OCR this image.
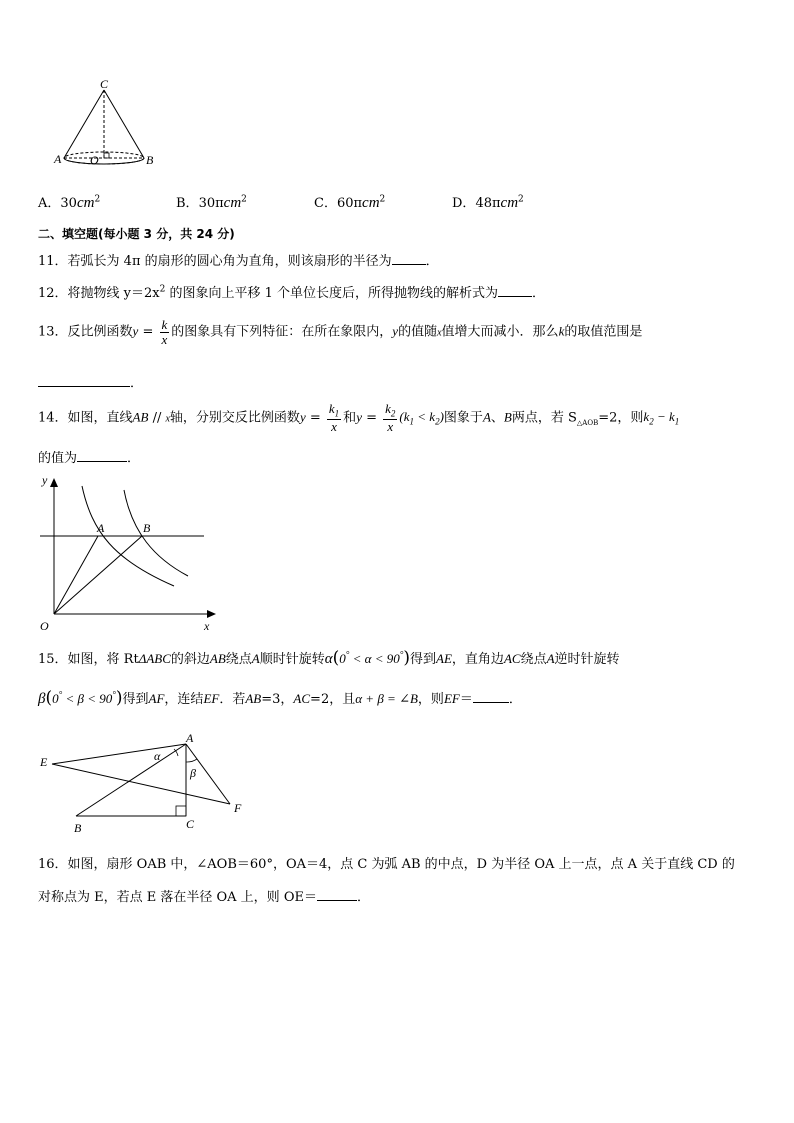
C
A O	B
A．$30cm^2$	B．30πcm$^2$	C．60πcm$^2$	D．48πcm$^2$
二、填空题(每小题 3 分，共 24 分)
11．若弧长为 4π 的扇形的圆心角为直角，则该扇形的半径为	．
12．将抛物线 $y=2x^2$ 的图象向上平移 1 个单位长度后，所得抛物线的解析式为	．
13．反比例函数$y = \frac{k}{x}$ 的图象具有下列特征：在所在象限内，y的值随x值增大而减小．那么k的取值范围是
．
14．如图，直线AB // x轴，分别交反比例函数$y = \frac{k_1}{x}$ 和$y = \frac{k_2}{x} (k_1 < k_2)$图象于A、B两点，若 $S_{\triangle AOB}=2$，则$k_2 - k_1$
的值为	．
y
x
O
A	B
15．如图，将 RtΔABC的斜边AB绕点A顺时针旋转α(0° < α < 90°)得到AE，直角边AC绕点A逆时针旋转
β(0° < β < 90°)得到AF，连结EF．若AB=3，AC=2，且α + β = ∠B，则EF＝	．
E
A
α
β
F
B	C
16．如图，扇形 OAB 中，∠AOB＝60°，OA＝4，点 C 为弧 AB 的中点，D 为半径 OA 上一点，点 A 关于直线 CD 的
对称点为 E，若点 E 落在半径 OA 上，则 OE＝	．
